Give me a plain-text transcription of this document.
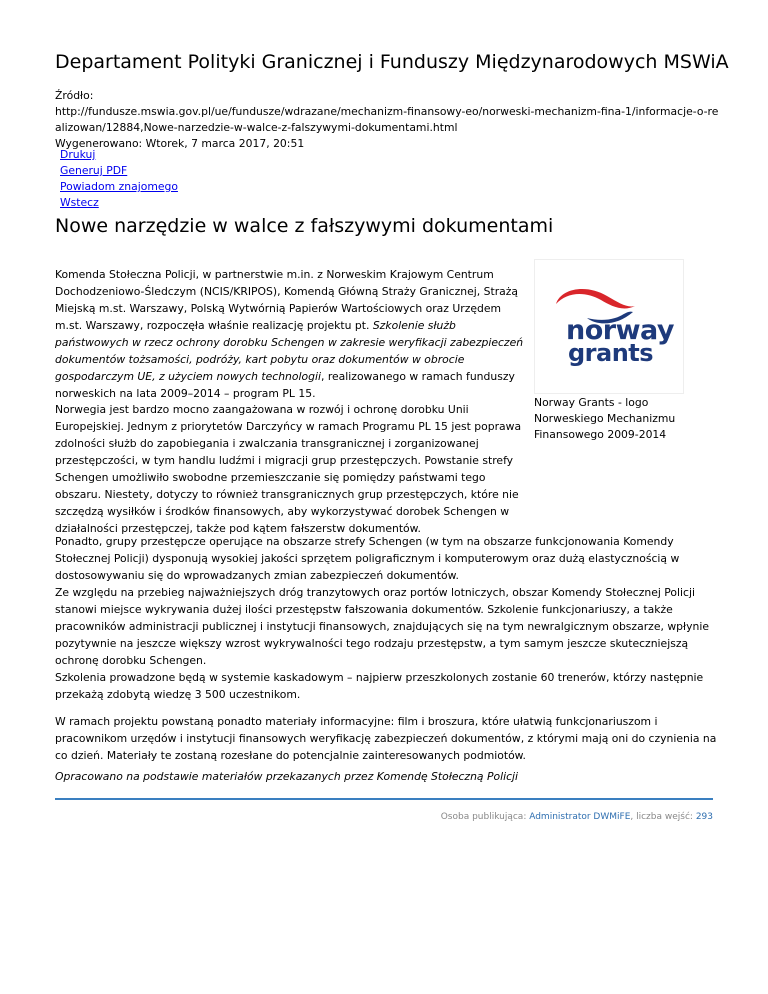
Departament Polityki Granicznej i Funduszy Międzynarodowych MSWiA
Źródło:
http://fundusze.mswia.gov.pl/ue/fundusze/wdrazane/mechanizm-finansowy-eo/norweski-mechanizm-fina-1/informacje-o-realizowan/12884,Nowe-narzedzie-w-walce-z-falszywymi-dokumentami.html
Wygenerowano: Wtorek, 7 marca 2017, 20:51
Drukuj
Generuj PDF
Powiadom znajomego
Wstecz
Nowe narzędzie w walce z fałszywymi dokumentami

Komenda Stołeczna Policji, w partnerstwie m.in. z Norweskim Krajowym Centrum Dochodzeniowo-Śledczym (NCIS/KRIPOS), Komendą Główną Straży Granicznej, Strażą Miejską m.st. Warszawy, Polską Wytwórnią Papierów Wartościowych oraz Urzędem m.st. Warszawy, rozpoczęła właśnie realizację projektu pt. Szkolenie służb państwowych w rzecz ochrony dorobku Schengen w zakresie weryfikacji zabezpieczeń dokumentów tożsamości, podróży, kart pobytu oraz dokumentów w obrocie gospodarczym UE, z użyciem nowych technologii, realizowanego w ramach funduszy norweskich na lata 2009–2014 – program PL 15.

norway
grants
Norway Grants - logo Norweskiego Mechanizmu Finansowego 2009-2014

Norwegia jest bardzo mocno zaangażowana w rozwój i ochronę dorobku Unii Europejskiej. Jednym z priorytetów Darczyńcy w ramach Programu PL 15 jest poprawa zdolności służb do zapobiegania i zwalczania transgranicznej i zorganizowanej przestępczości, w tym handlu ludźmi i migracji grup przestępczych. Powstanie strefy Schengen umożliwiło swobodne przemieszczanie się pomiędzy państwami tego obszaru. Niestety, dotyczy to również transgranicznych grup przestępczych, które nie szczędzą wysiłków i środków finansowych, aby wykorzystywać dorobek Schengen w działalności przestępczej, także pod kątem fałszerstw dokumentów.

Ponadto, grupy przestępcze operujące na obszarze strefy Schengen (w tym na obszarze funkcjonowania Komendy Stołecznej Policji) dysponują wysokiej jakości sprzętem poligraficznym i komputerowym oraz dużą elastycznością w dostosowywaniu się do wprowadzanych zmian zabezpieczeń dokumentów.

Ze względu na przebieg najważniejszych dróg tranzytowych oraz portów lotniczych, obszar Komendy Stołecznej Policji stanowi miejsce wykrywania dużej ilości przestępstw fałszowania dokumentów. Szkolenie funkcjonariuszy, a także pracowników administracji publicznej i instytucji finansowych, znajdujących się na tym newralgicznym obszarze, wpłynie pozytywnie na jeszcze większy wzrost wykrywalności tego rodzaju przestępstw, a tym samym jeszcze skuteczniejszą ochronę dorobku Schengen.

Szkolenia prowadzone będą w systemie kaskadowym – najpierw przeszkolonych zostanie 60 trenerów, którzy następnie przekażą zdobytą wiedzę 3 500 uczestnikom.

W ramach projektu powstaną ponadto materiały informacyjne: film i broszura, które ułatwią funkcjonariuszom i pracownikom urzędów i instytucji finansowych weryfikację zabezpieczeń dokumentów, z którymi mają oni do czynienia na co dzień. Materiały te zostaną rozesłane do potencjalnie zainteresowanych podmiotów.

Opracowano na podstawie materiałów przekazanych przez Komendę Stołeczną Policji

Osoba publikująca: Administrator DWMiFE, liczba wejść: 293
